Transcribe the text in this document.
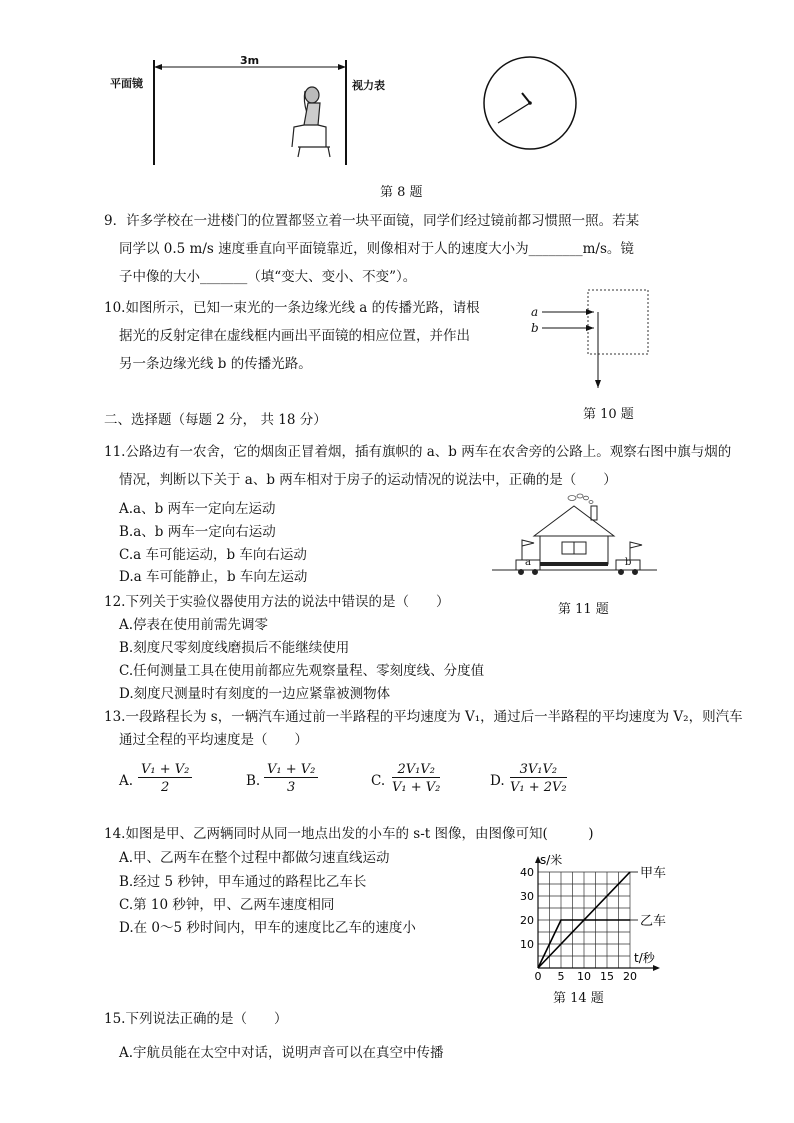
平面镜
3m
视力表
第 8 题
9．许多学校在一进楼门的位置都竖立着一块平面镜，同学们经过镜前都习惯照一照。若某
同学以 0.5 m/s 速度垂直向平面镜靠近，则像相对于人的速度大小为________m/s。镜
子中像的大小_______（填“变大、变小、不变”）。
10.如图所示，已知一束光的一条边缘光线 a 的传播光路，请根
据光的反射定律在虚线框内画出平面镜的相应位置，并作出
另一条边缘光线 b 的传播光路。
a
b
第 10 题
二、选择题（每题 2 分， 共 18 分）
11.公路边有一农舍，它的烟囱正冒着烟，插有旗帜的 a、b 两车在农舍旁的公路上。观察右图中旗与烟的
情况，判断以下关于 a、b 两车相对于房子的运动情况的说法中，正确的是（　　）
A.a、b 两车一定向左运动
B.a、b 两车一定向右运动
C.a 车可能运动，b 车向右运动
D.a 车可能静止，b 车向左运动
a	b
第 11 题
12.下列关于实验仪器使用方法的说法中错误的是（　　）
A.停表在使用前需先调零
B.刻度尺零刻度线磨损后不能继续使用
C.任何测量工具在使用前都应先观察量程、零刻度线、分度值
D.刻度尺测量时有刻度的一边应紧靠被测物体
13.一段路程长为 s，一辆汽车通过前一半路程的平均速度为 V₁，通过后一半路程的平均速度为 V₂，则汽车
通过全程的平均速度是（　　）
A. $\frac{\text{V₁ + V₂}}{2}$	B. $\frac{\text{V₁ + V₂}}{3}$	C. $\frac{\text{2V₁V₂}}{\text{V₁ + V₂}}$	D. $\frac{\text{3V₁V₂}}{\text{V₁ + 2V₂}}$
14.如图是甲、乙两辆同时从同一地点出发的小车的 s-t 图像，由图像可知(　　　)
A.甲、乙两车在整个过程中都做匀速直线运动
B.经过 5 秒钟，甲车通过的路程比乙车长
C.第 10 秒钟，甲、乙两车速度相同
D.在 0～5 秒时间内，甲车的速度比乙车的速度小
0 5 10 15 20
10
20
30
40
s/米
t/秒
甲车
乙车
第 14 题
15.下列说法正确的是（　　）
A.宇航员能在太空中对话，说明声音可以在真空中传播
